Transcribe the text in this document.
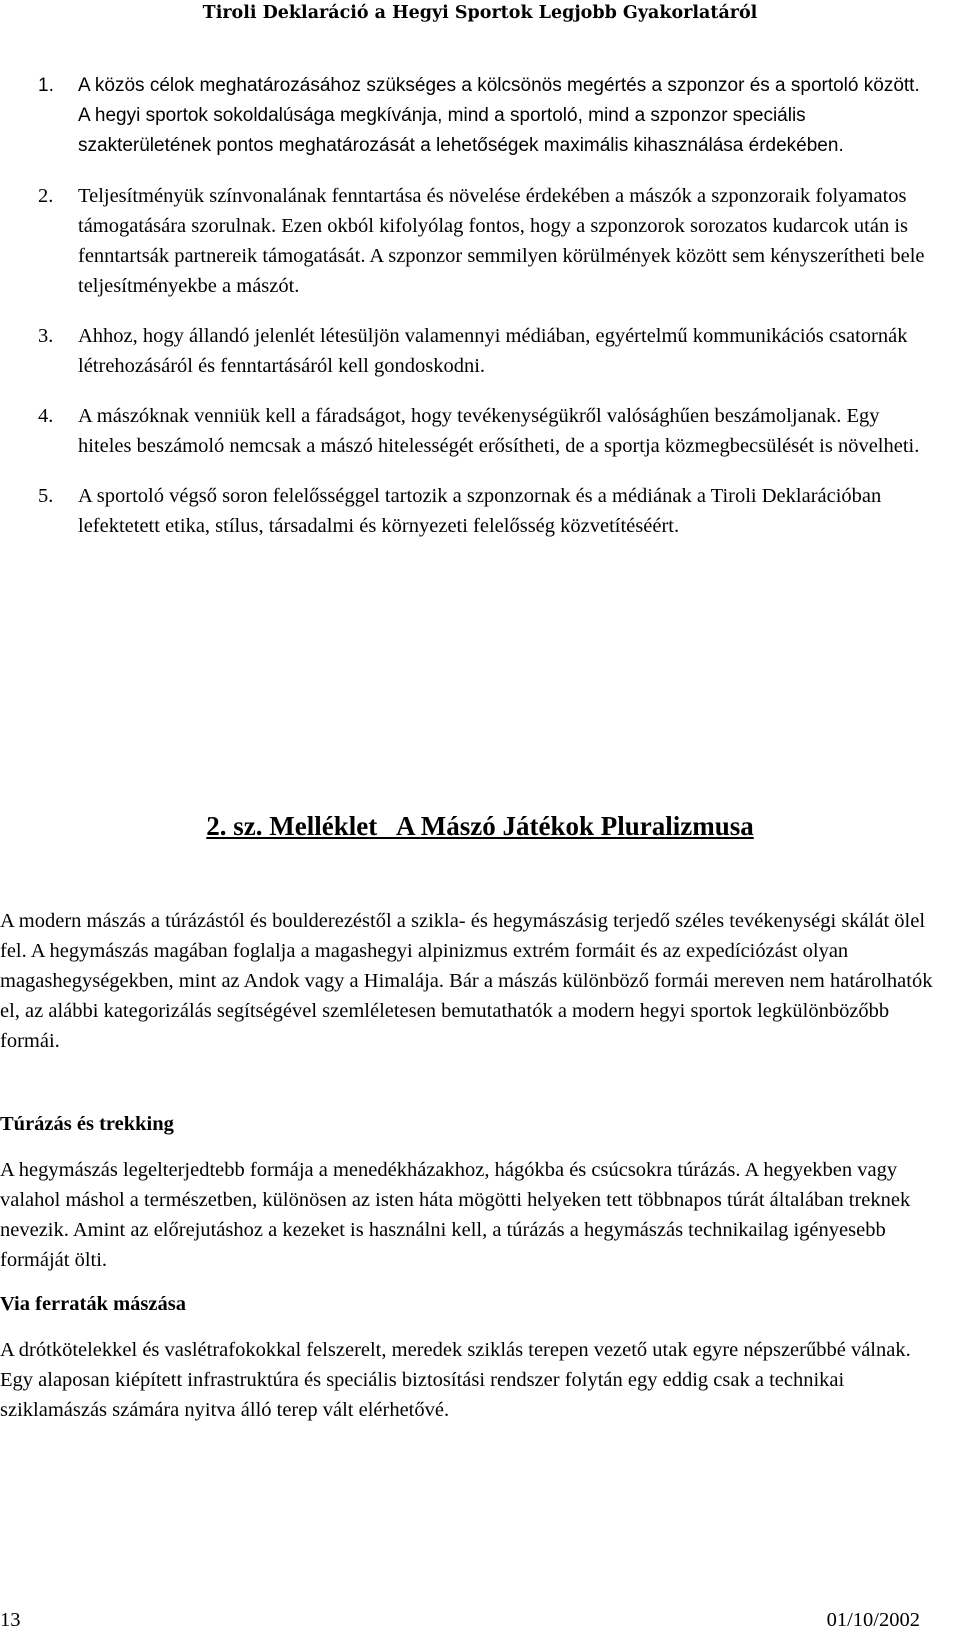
Tiroli Deklaráció a Hegyi Sportok Legjobb Gyakorlatáról
1. A közös célok meghatározásához szükséges a kölcsönös megértés a szponzor és a sportoló között. A hegyi sportok sokoldalúsága megkívánja, mind a sportoló, mind a szponzor speciális szakterületének pontos meghatározását a lehetőségek maximális kihasználása érdekében.
2. Teljesítményük színvonalának fenntartása és növelése érdekében a mászók a szponzoraik folyamatos támogatására szorulnak. Ezen okból kifolyólag fontos, hogy a szponzorok sorozatos kudarcok után is fenntartsák partnereik támogatását. A szponzor semmilyen körülmények között sem kényszerítheti bele teljesítményekbe a mászót.
3. Ahhoz, hogy állandó jelenlét létesüljön valamennyi médiában, egyértelmű kommunikációs csatornák létrehozásáról és fenntartásáról kell gondoskodni.
4. A mászóknak venniük kell a fáradságot, hogy tevékenységükről valósághűen beszámoljanak. Egy hiteles beszámoló nemcsak a mászó hitelességét erősítheti, de a sportja közmegbecsülését is növelheti.
5. A sportoló végső soron felelősséggel tartozik a szponzornak és a médiának a Tiroli Deklarációban lefektetett etika, stílus, társadalmi és környezeti felelősség közvetítéséért.
2. sz. Melléklet   A Mászó Játékok Pluralizmusa

A modern mászás a túrázástól és boulderezéstől a szikla- és hegymászásig terjedő széles tevékenységi skálát ölel fel. A hegymászás magában foglalja a magashegyi alpinizmus extrém formáit és az expedíciózást olyan magashegységekben, mint az Andok vagy a Himalája. Bár a mászás különböző formái mereven nem határolhatók el, az alábbi kategorizálás segítségével szemléletesen bemutathatók a modern hegyi sportok legkülönbözőbb formái.

Túrázás és trekking

A hegymászás legelterjedtebb formája a menedékházakhoz, hágókba és csúcsokra túrázás. A hegyekben vagy valahol máshol a természetben, különösen az isten háta mögötti helyeken tett többnapos túrát általában treknek nevezik. Amint az előrejutáshoz a kezeket is használni kell, a túrázás a hegymászás technikailag igényesebb formáját ölti.

Via ferraták mászása

A drótkötelekkel és vaslétrafokokkal felszerelt, meredek sziklás terepen vezető utak egyre népszerűbbé válnak. Egy alaposan kiépített infrastruktúra és speciális biztosítási rendszer folytán egy eddig csak a technikai sziklamászás számára nyitva álló terep vált elérhetővé.

13	01/10/2002
